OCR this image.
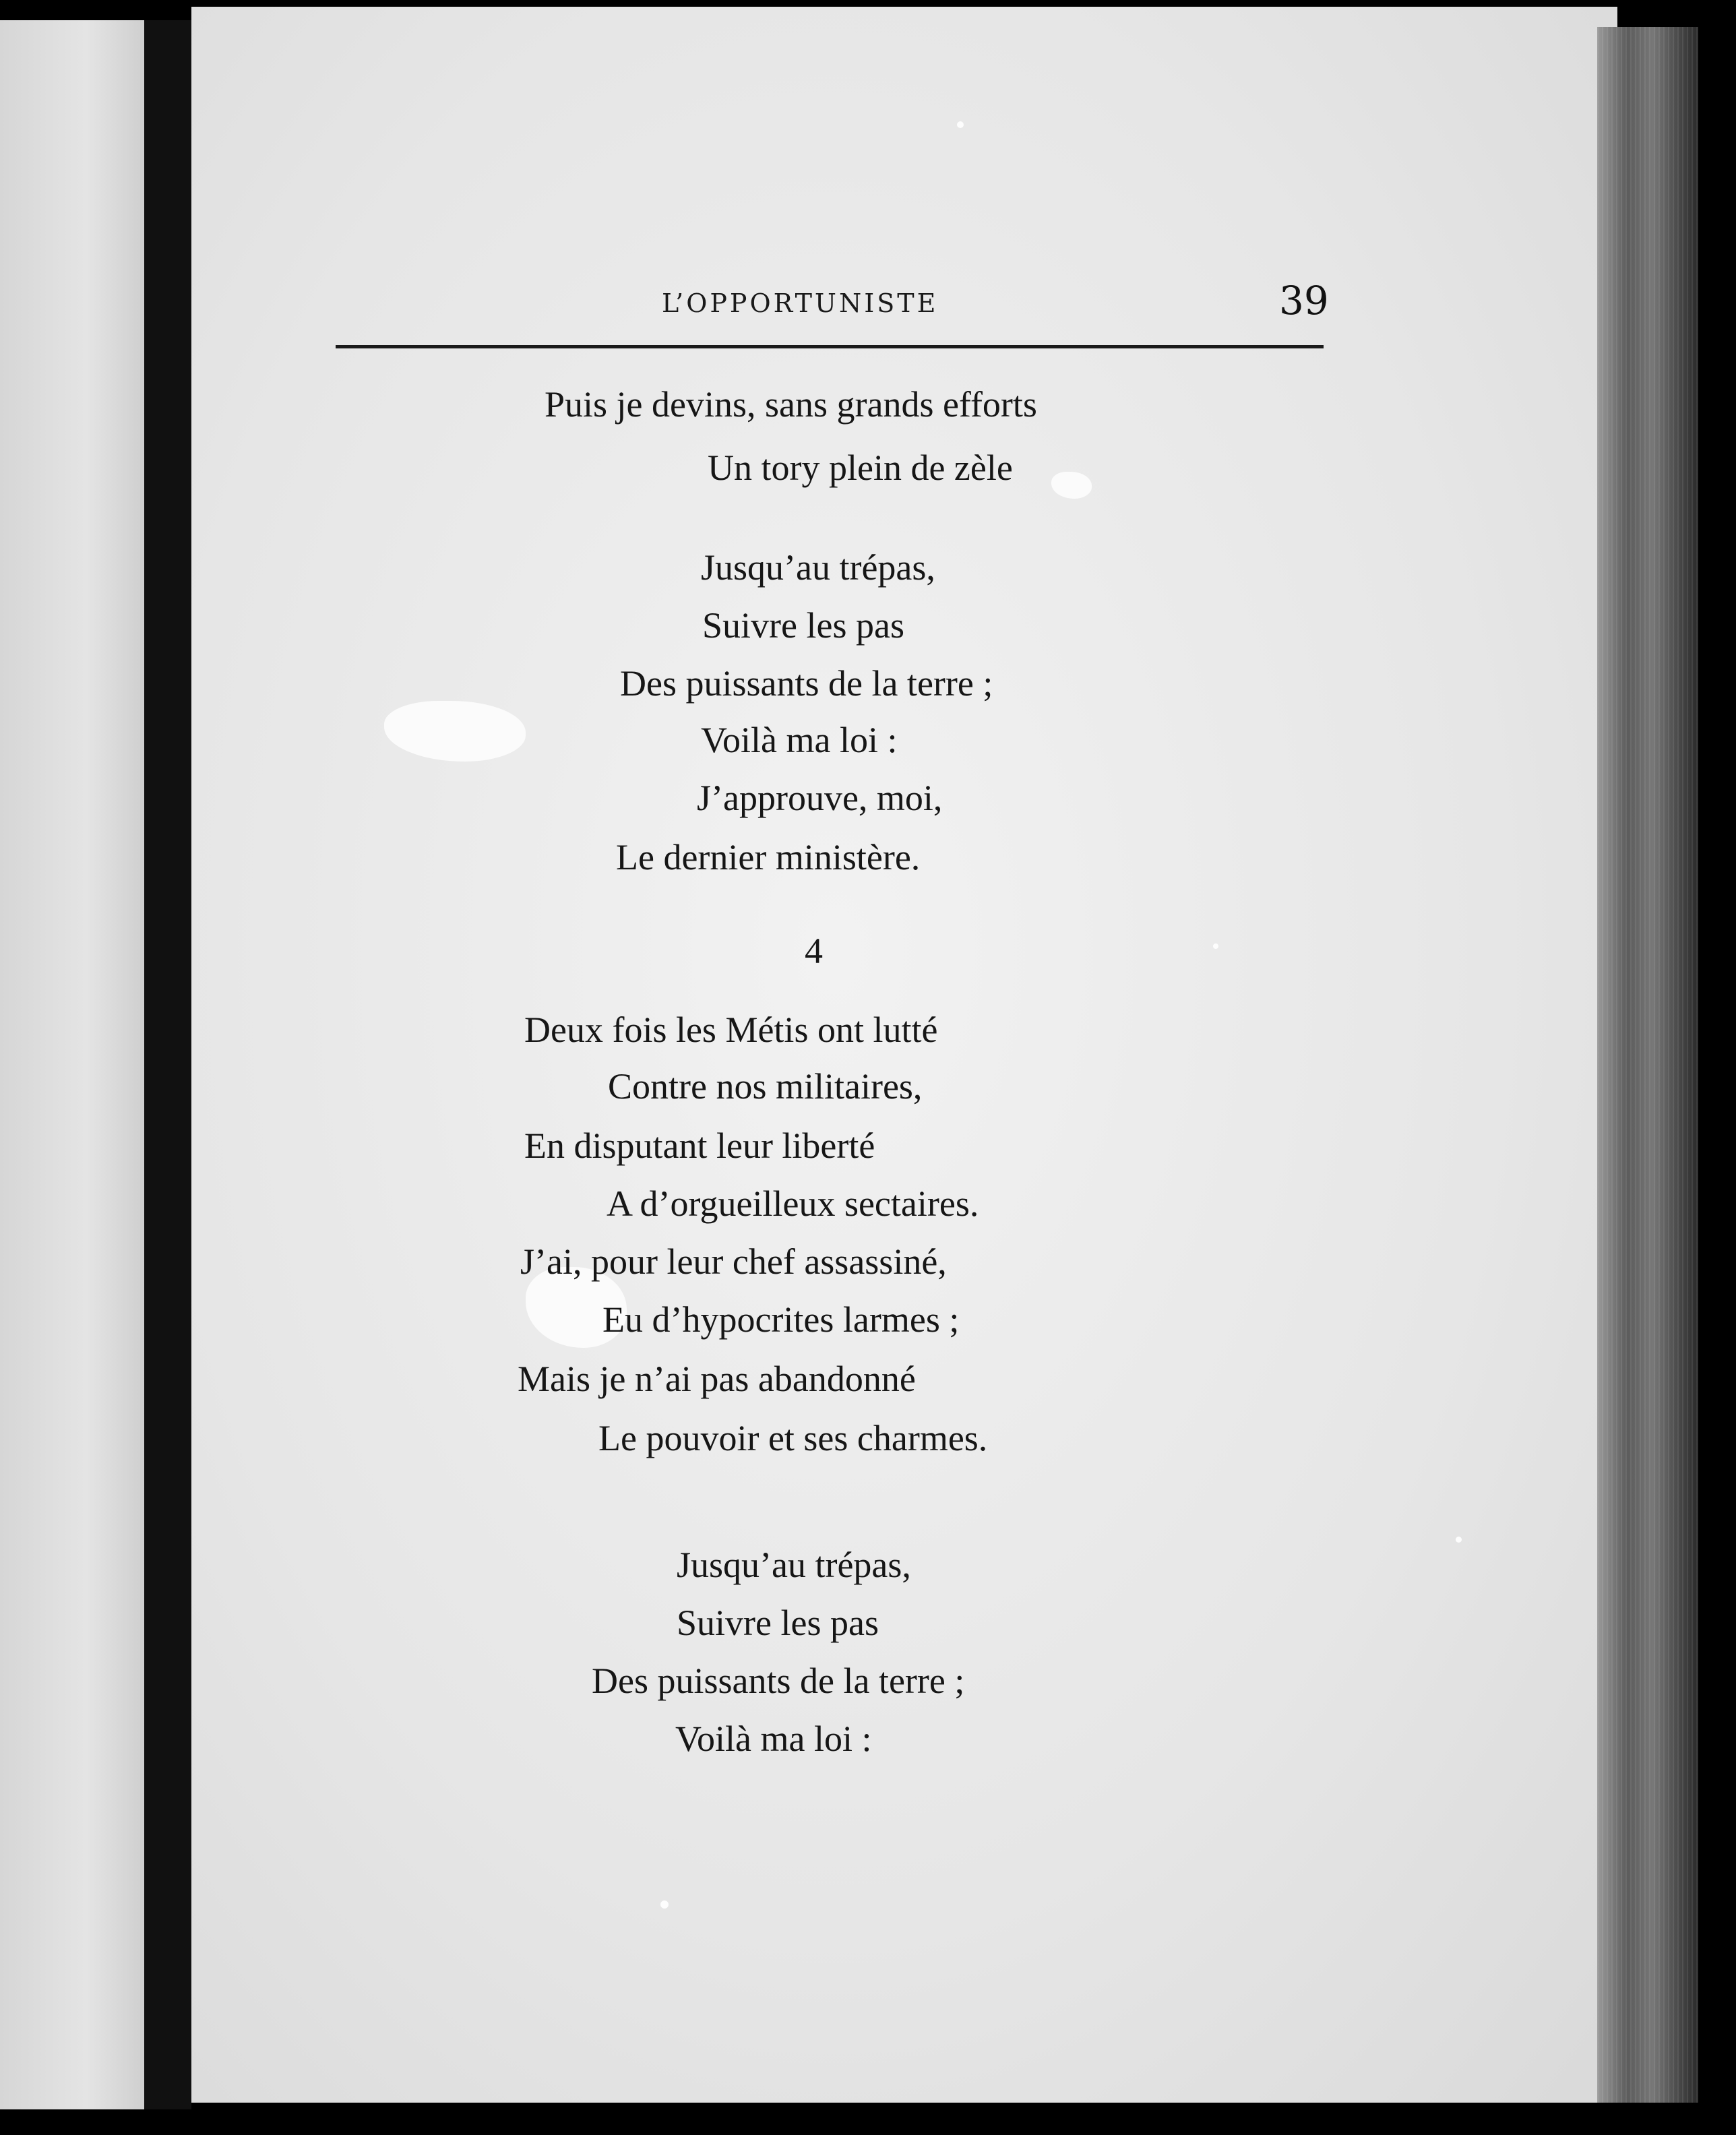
L’OPPORTUNISTE	39
Puis je devins, sans grands efforts
Un tory plein de zèle
Jusqu’au trépas,
Suivre les pas
Des puissants de la terre ;
Voilà ma loi :
J’approuve, moi,
Le dernier ministère.
4
Deux fois les Métis ont lutté
Contre nos militaires,
En disputant leur liberté
A d’orgueilleux sectaires.
J’ai, pour leur chef assassiné,
Eu d’hypocrites larmes ;
Mais je n’ai pas abandonné
Le pouvoir et ses charmes.
Jusqu’au trépas,
Suivre les pas
Des puissants de la terre ;
Voilà ma loi :
